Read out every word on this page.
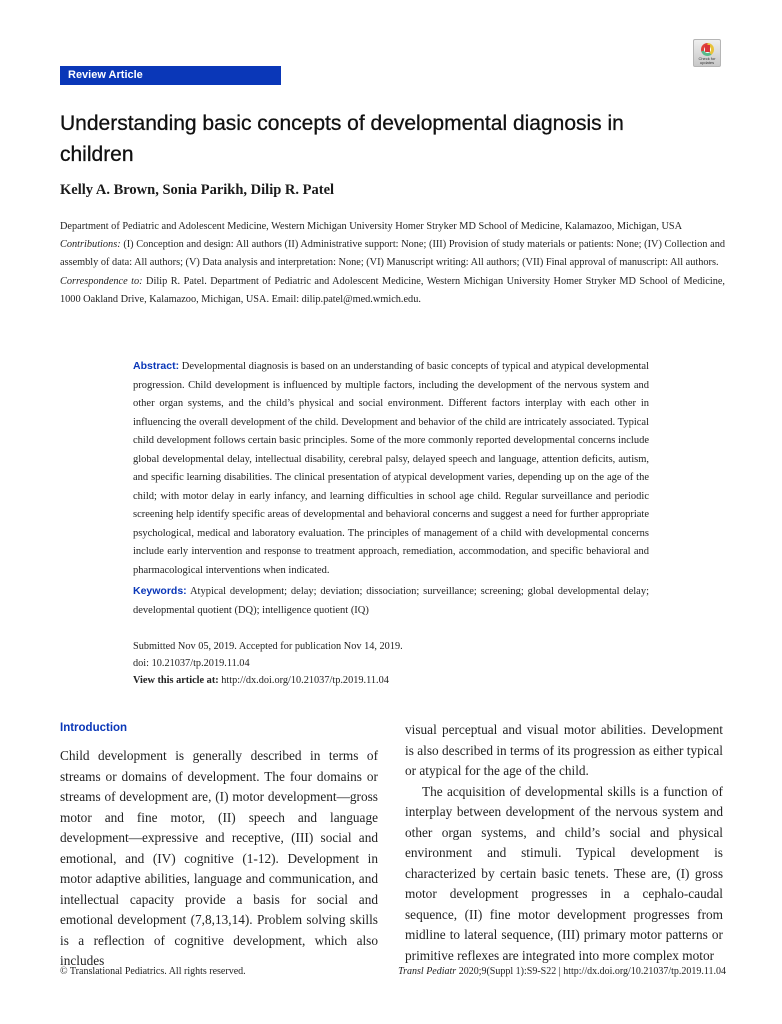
Review Article
Check for updates
Understanding basic concepts of developmental diagnosis in children

Kelly A. Brown, Sonia Parikh, Dilip R. Patel

Department of Pediatric and Adolescent Medicine, Western Michigan University Homer Stryker MD School of Medicine, Kalamazoo, Michigan, USA

Contributions: (I) Conception and design: All authors (II) Administrative support: None; (III) Provision of study materials or patients: None; (IV) Collection and assembly of data: All authors; (V) Data analysis and interpretation: None; (VI) Manuscript writing: All authors; (VII) Final approval of manuscript: All authors.

Correspondence to: Dilip R. Patel. Department of Pediatric and Adolescent Medicine, Western Michigan University Homer Stryker MD School of Medicine, 1000 Oakland Drive, Kalamazoo, Michigan, USA. Email: dilip.patel@med.wmich.edu.

Abstract: Developmental diagnosis is based on an understanding of basic concepts of typical and atypical developmental progression. Child development is influenced by multiple factors, including the development of the nervous system and other organ systems, and the child’s physical and social environment. Different factors interplay with each other in influencing the overall development of the child. Development and behavior of the child are intricately associated. Typical child development follows certain basic principles. Some of the more commonly reported developmental concerns include global developmental delay, intellectual disability, cerebral palsy, delayed speech and language, attention deficits, autism, and specific learning disabilities. The clinical presentation of atypical development varies, depending up on the age of the child; with motor delay in early infancy, and learning difficulties in school age child. Regular surveillance and periodic screening help identify specific areas of developmental and behavioral concerns and suggest a need for further appropriate psychological, medical and laboratory evaluation. The principles of management of a child with developmental concerns include early intervention and response to treatment approach, remediation, accommodation, and specific behavioral and pharmacological interventions when indicated.

Keywords: Atypical development; delay; deviation; dissociation; surveillance; screening; global developmental delay; developmental quotient (DQ); intelligence quotient (IQ)

Submitted Nov 05, 2019. Accepted for publication Nov 14, 2019.
doi: 10.21037/tp.2019.11.04
View this article at: http://dx.doi.org/10.21037/tp.2019.11.04
Introduction

Child development is generally described in terms of streams or domains of development. The four domains or streams of development are, (I) motor development—gross motor and fine motor, (II) speech and language development—expressive and receptive, (III) social and emotional, and (IV) cognitive (1-12). Development in motor adaptive abilities, language and communication, and intellectual capacity provide a basis for social and emotional development (7,8,13,14). Problem solving skills is a reflection of cognitive development, which also includes

visual perceptual and visual motor abilities. Development is also described in terms of its progression as either typical or atypical for the age of the child.

The acquisition of developmental skills is a function of interplay between development of the nervous system and other organ systems, and child’s social and physical environment and stimuli. Typical development is characterized by certain basic tenets. These are, (I) gross motor development progresses in a cephalo-caudal sequence, (II) fine motor development progresses from midline to lateral sequence, (III) primary motor patterns or primitive reflexes are integrated into more complex motor

© Translational Pediatrics. All rights reserved.	Transl Pediatr 2020;9(Suppl 1):S9-S22 | http://dx.doi.org/10.21037/tp.2019.11.04
